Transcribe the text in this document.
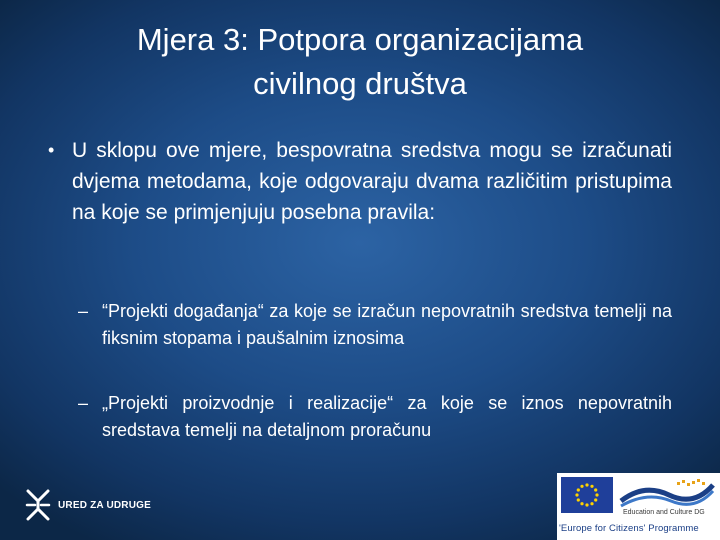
Mjera 3: Potpora organizacijama
civilnog društva
• U sklopu ove mjere, bespovratna sredstva mogu se izračunati dvjema metodama, koje odgovaraju dvama različitim pristupima na koje se primjenjuju posebna pravila:
– “Projekti događanja“ za koje se izračun nepovratnih sredstva temelji na fiksnim stopama i paušalnim iznosima
– „Projekti proizvodnje i realizacije“ za koje se iznos nepovratnih sredstava temelji na detaljnom proračunu
URED ZA UDRUGE
Education and Culture DG
'Europe for Citizens' Programme
